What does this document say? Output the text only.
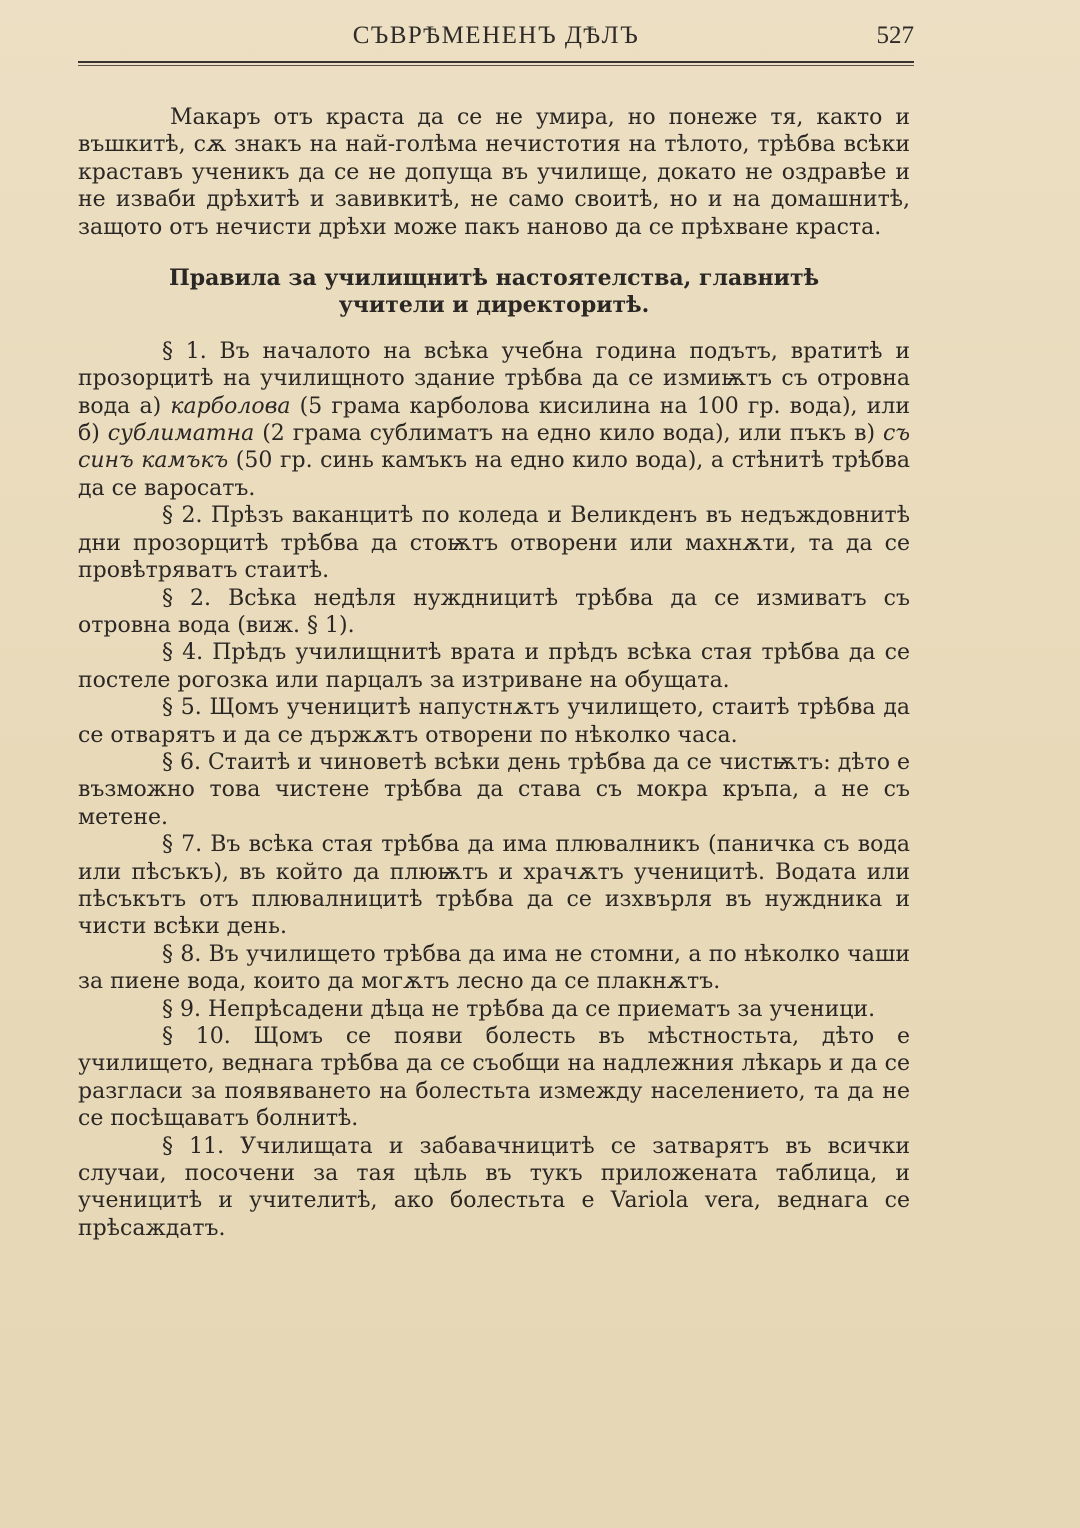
СЪВРѢМЕНЕНЪ ДѢЛЪ	527

Макаръ отъ краста да се не умира, но понеже тя, както и въшкитѣ, сѫ знакъ на най-голѣма нечистотия на тѣлото, трѣбва всѣки краставъ ученикъ да се не допуща въ училище, докато не оздравѣе и не изваби дрѣхитѣ и завивкитѣ, не само своитѣ, но и на домашнитѣ, защото отъ нечисти дрѣхи може пакъ наново да се прѣхване краста.

Правила за училищнитѣ настоятелства, главнитѣ учители и директоритѣ.

§ 1. Въ началото на всѣка учебна година подътъ, вратитѣ и прозорцитѣ на училищното здание трѣбва да се измиѭтъ съ отровна вода а) карболова (5 грама карболова кисилина на 100 гр. вода), или б) сублиматна (2 грама сублиматъ на едно кило вода), или пъкъ в) съ синъ камъкъ (50 гр. синь камъкъ на едно кило вода), а стѣнитѣ трѣбва да се варосатъ.

§ 2. Прѣзъ ваканцитѣ по коледа и Великденъ въ недъждовнитѣ дни прозорцитѣ трѣбва да стоѭтъ отворени или махнѫти, та да се провѣтряватъ стаитѣ.

§ 2. Всѣка недѣля нуждницитѣ трѣбва да се измиватъ съ отровна вода (виж. § 1).

§ 4. Прѣдъ училищнитѣ врата и прѣдъ всѣка стая трѣбва да се постеле рогозка или парцалъ за изтриване на обущата.

§ 5. Щомъ ученицитѣ напустнѫтъ училището, стаитѣ трѣбва да се отварятъ и да се държѫтъ отворени по нѣколко часа.

§ 6. Стаитѣ и чиноветѣ всѣки день трѣбва да се чистѭтъ: дѣто е възможно това чистене трѣбва да става съ мокра кръпа, а не съ метене.

§ 7. Въ всѣка стая трѣбва да има плювалникъ (паничка съ вода или пѣсъкъ), въ който да плюѭтъ и храчѫтъ ученицитѣ. Водата или пѣсъкътъ отъ плювалницитѣ трѣбва да се изхвърля въ нуждника и чисти всѣки день.

§ 8. Въ училището трѣбва да има не стомни, а по нѣколко чаши за пиене вода, които да могѫтъ лесно да се плакнѫтъ.

§ 9. Непрѣсадени дѣца не трѣбва да се приематъ за ученици.

§ 10. Щомъ се появи болесть въ мѣстностьта, дѣто е училището, веднага трѣбва да се съобщи на надлежния лѣкарь и да се разгласи за появяването на болестьта измежду населението, та да не се посѣщаватъ болнитѣ.

§ 11. Училищата и забавачницитѣ се затварятъ въ всички случаи, посочени за тая цѣль въ тукъ приложената таблица, и ученицитѣ и учителитѣ, ако болестьта е Variola vera, веднага се прѣсаждатъ.
